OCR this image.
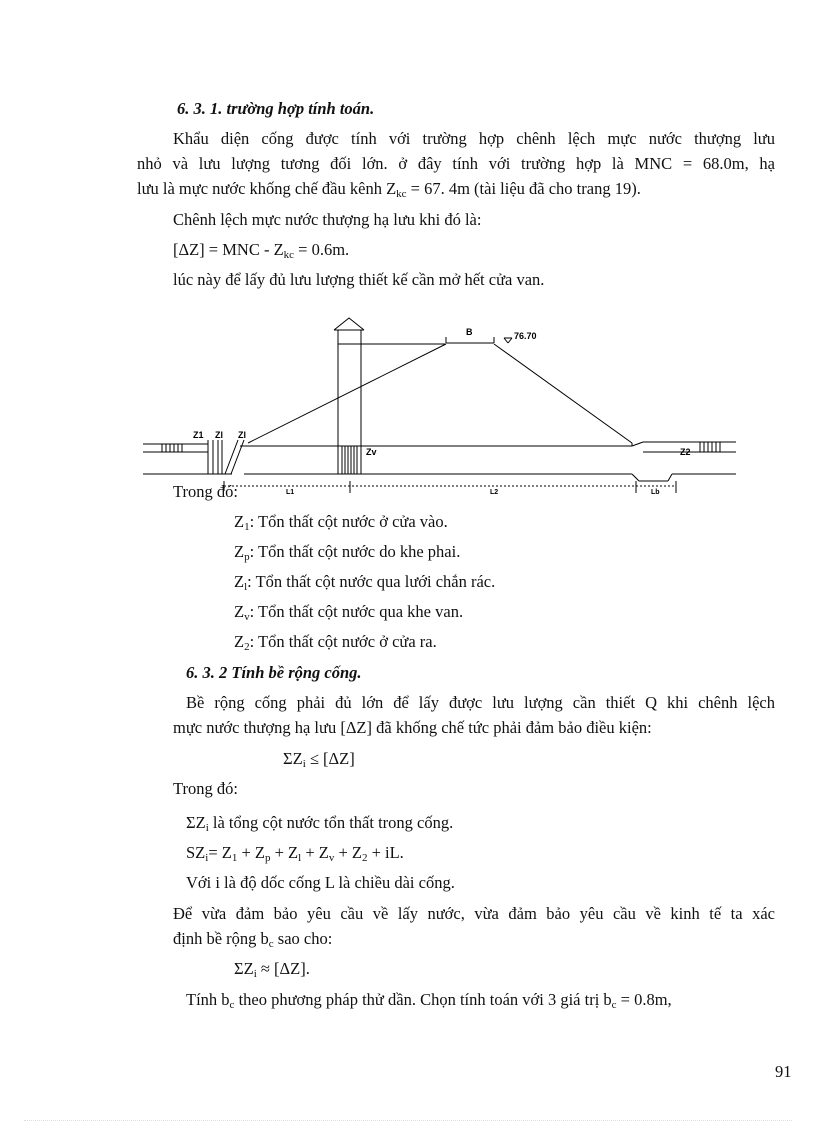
6. 3. 1. trường hợp tính toán.
Khẩu diện cống được tính với trường hợp chênh lệch mực nước thượng lưu
nhỏ và lưu lượng tương đối lớn. ở đây tính với trường hợp là MNC = 68.0m, hạ
lưu là mực nước khống chế đầu kênh $Z_{kc} = 67$. 4m (tài liệu đã cho trang 19).
Chênh lệch mực nước thượng hạ lưu khi đó là:
[ΔZ] = MNC - $Z_{kc} = 0.6m$.
lúc này để lấy đủ lưu lượng thiết kế cần mở hết cửa van.
B	76.70
Z1 Zl Zl
Zv	Z2
L1	L2	Lb
Trong đó:
$Z_1$: Tổn thất cột nước ở cửa vào.
$Z_p$: Tổn thất cột nước do khe phai.
$Z_l$: Tổn thất cột nước qua lưới chắn rác.
$Z_v$: Tổn thất cột nước qua khe van.
$Z_2$: Tổn thất cột nước ở cửa ra.
6. 3. 2 Tính bề rộng cống.
Bề rộng cống phải đủ lớn để lấy được lưu lượng cần thiết Q khi chênh lệch
mực nước thượng hạ lưu [ΔZ] đã khống chế tức phải đảm bảo điều kiện:
$\Sigma Z_i \le [\Delta Z]$
Trong đó:
$\Sigma Z_i$ là tổng cột nước tổn thất trong cống.
$SZ_i= Z_1 + Z_p + Z_l + Z_v + Z_2$ + iL.
Với i là độ dốc cống L là chiều dài cống.
Để vừa đảm bảo yêu cầu về lấy nước, vừa đảm bảo yêu cầu về kinh tế ta xác
định bề rộng $b_c$ sao cho:
$\Sigma Z_i \approx [\Delta Z]$.
Tính $b_c$ theo phương pháp thử dần. Chọn tính toán với 3 giá trị $b_c = 0.8m$,
91
